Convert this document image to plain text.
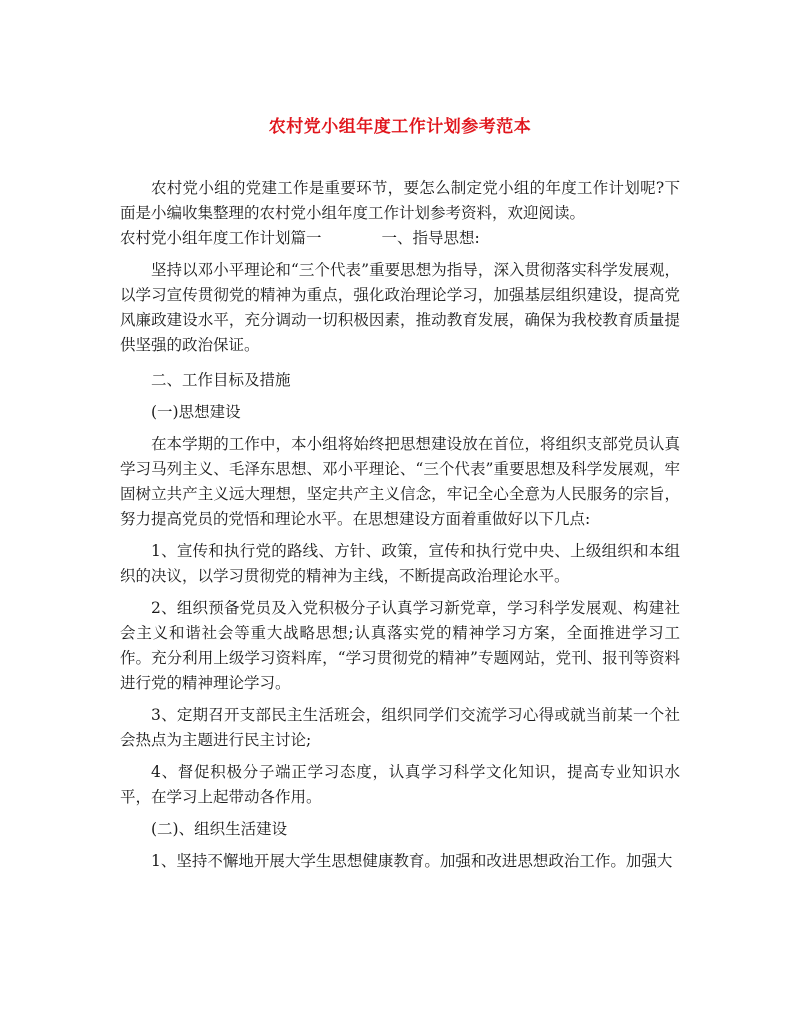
农村党小组年度工作计划参考范本

农村党小组的党建工作是重要环节，要怎么制定党小组的年度工作计划呢?下面是小编收集整理的农村党小组年度工作计划参考资料，欢迎阅读。

农村党小组年度工作计划篇一	一、指导思想:

坚持以邓小平理论和“三个代表”重要思想为指导，深入贯彻落实科学发展观，以学习宣传贯彻党的精神为重点，强化政治理论学习，加强基层组织建设，提高党风廉政建设水平，充分调动一切积极因素，推动教育发展，确保为我校教育质量提供坚强的政治保证。

二、工作目标及措施

(一)思想建设

在本学期的工作中，本小组将始终把思想建设放在首位，将组织支部党员认真学习马列主义、毛泽东思想、邓小平理论、“三个代表”重要思想及科学发展观，牢固树立共产主义远大理想，坚定共产主义信念，牢记全心全意为人民服务的宗旨，努力提高党员的党悟和理论水平。在思想建设方面着重做好以下几点:

1、宣传和执行党的路线、方针、政策，宣传和执行党中央、上级组织和本组织的决议，以学习贯彻党的精神为主线，不断提高政治理论水平。

2、组织预备党员及入党积极分子认真学习新党章，学习科学发展观、构建社会主义和谐社会等重大战略思想;认真落实党的精神学习方案，全面推进学习工作。充分利用上级学习资料库，“学习贯彻党的精神”专题网站，党刊、报刊等资料进行党的精神理论学习。

3、定期召开支部民主生活班会，组织同学们交流学习心得或就当前某一个社会热点为主题进行民主讨论;

4、督促积极分子端正学习态度，认真学习科学文化知识，提高专业知识水平，在学习上起带动各作用。

(二)、组织生活建设

1、坚持不懈地开展大学生思想健康教育。加强和改进思想政治工作。加强大
